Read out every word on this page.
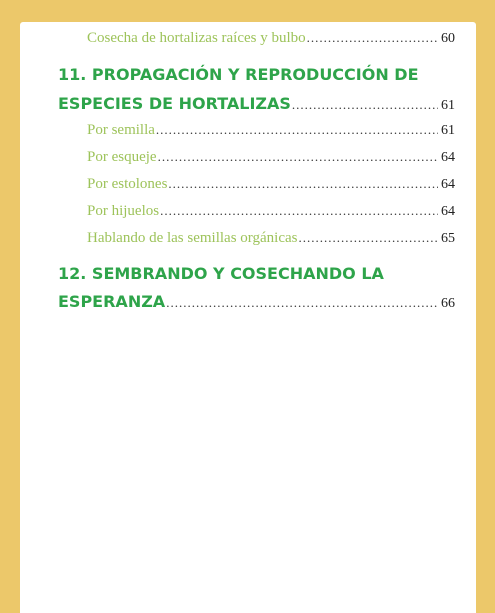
Cosecha de hortalizas raíces y bulbo .....	60
11. PROPAGACIÓN Y REPRODUCCIÓN DE
ESPECIES DE HORTALIZAS .....	61
Por semilla .....	61
Por esqueje .....	64
Por estolones .....	64
Por hijuelos .....	64
Hablando de las semillas orgánicas .....	65
12. SEMBRANDO Y COSECHANDO LA
ESPERANZA .....	66
